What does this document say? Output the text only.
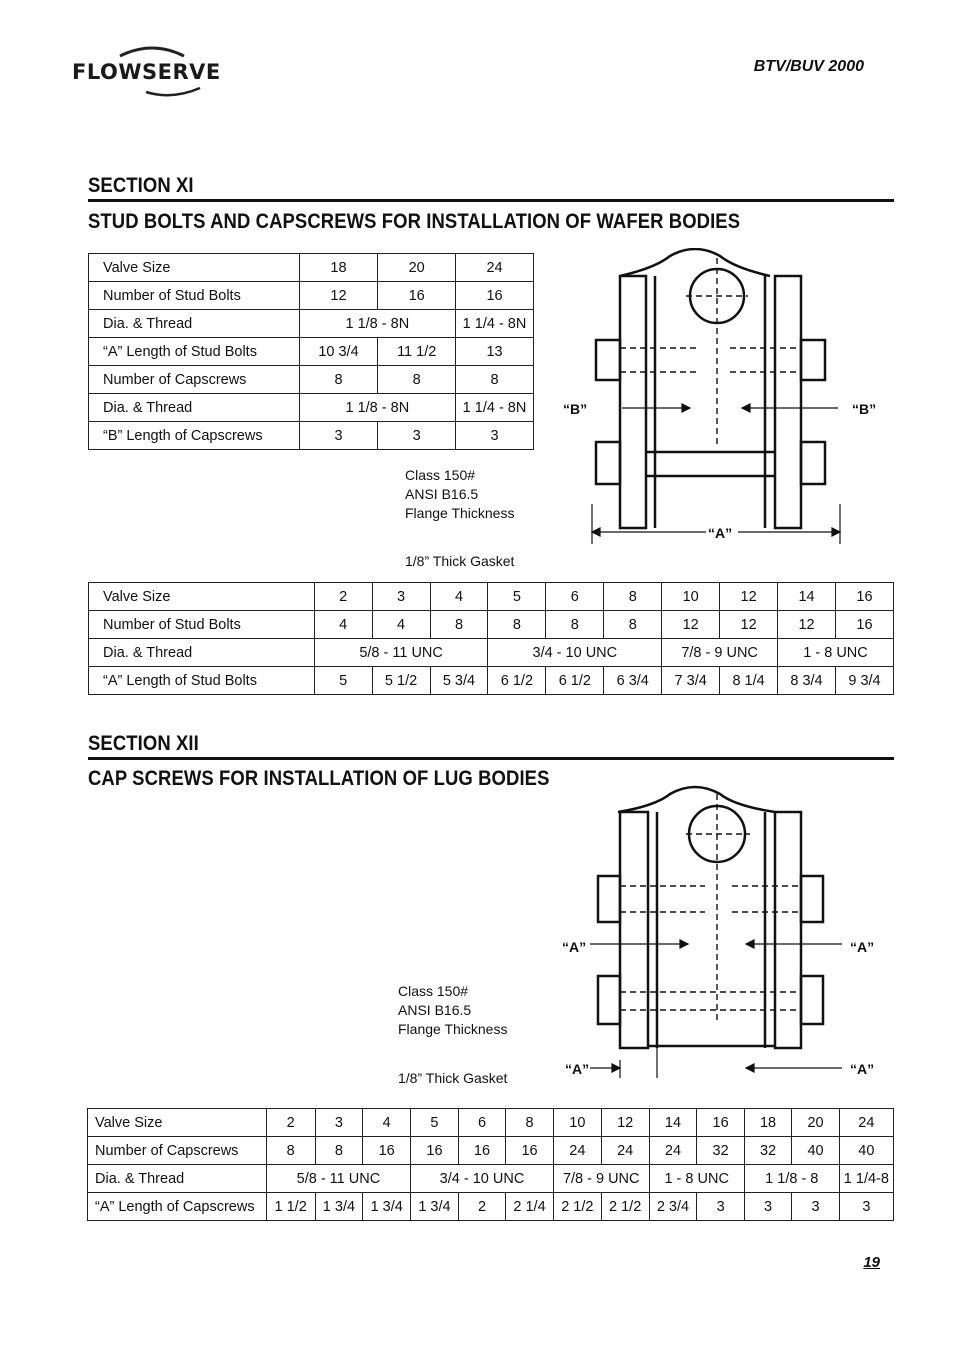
FLOWSERVE	BTV/BUV 2000
SECTION XI
STUD BOLTS AND CAPSCREWS FOR INSTALLATION OF WAFER BODIES
Valve Size	18	20	24
Number of Stud Bolts	12	16	16
Dia. & Thread	1 1/8 - 8N		1 1/4 - 8N
“A” Length of Stud Bolts	10 3/4	11 1/2	13
Number of Capscrews	8	8	8
Dia. & Thread	1 1/8 - 8N		1 1/4 - 8N
“B” Length of Capscrews	3	3	3
Class 150#
ANSI B16.5
Flange Thickness
1/8” Thick Gasket
“B”	“B”
“A”
Valve Size	2	3	4	5	6	8	10	12	14	16
Number of Stud Bolts	4	4	8	8	8	8	12	12	12	16
Dia. & Thread	5/8 - 11 UNC			3/4 - 10 UNC			7/8 - 9 UNC		1 - 8 UNC	
“A” Length of Stud Bolts	5	5 1/2	5 3/4	6 1/2	6 1/2	6 3/4	7 3/4	8 1/4	8 3/4	9 3/4
SECTION XII
CAP SCREWS FOR INSTALLATION OF LUG BODIES
“A”	“A”
“A”	“A”
Class 150#
ANSI B16.5
Flange Thickness
1/8” Thick Gasket
Valve Size	2	3	4	5	6	8	10	12	14	16	18	20	24
Number of Capscrews	8	8	16	16	16	16	24	24	24	32	32	40	40
Dia. & Thread	5/8 - 11 UNC			3/4 - 10 UNC			7/8 - 9 UNC		1 - 8 UNC		1 1/8 - 8		1 1/4-8
“A” Length of Capscrews	1 1/2	1 3/4	1 3/4	1 3/4	2	2 1/4	2 1/2	2 1/2	2 3/4	3	3	3	3
19
